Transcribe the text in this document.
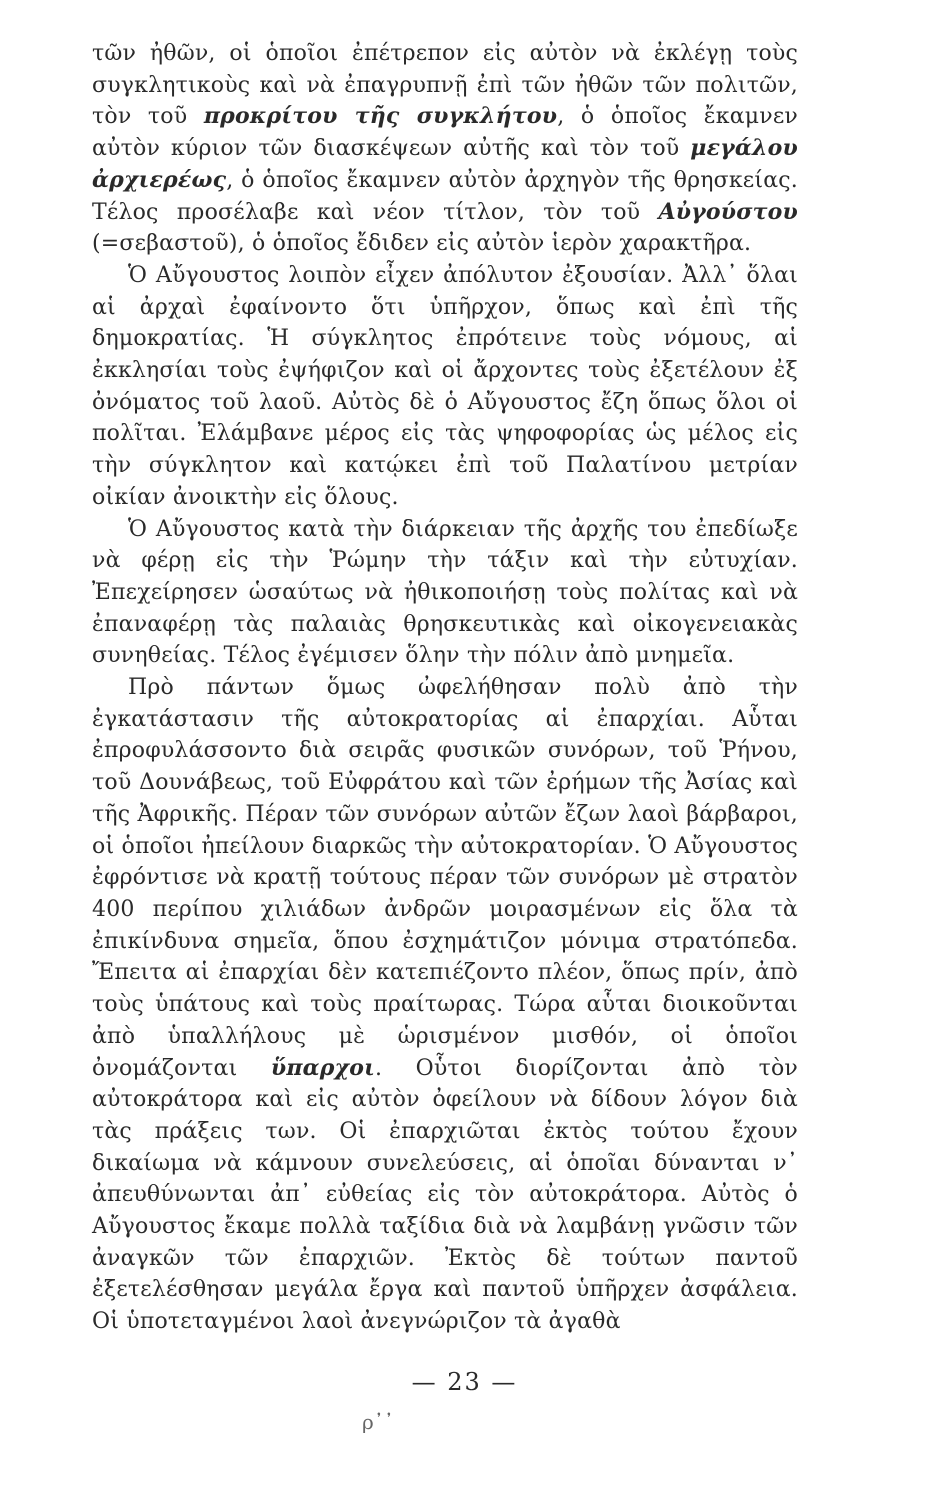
τῶν ἠθῶν, οἱ ὁποῖοι ἐπέτρεπον εἰς αὐτὸν νὰ ἐκλέγῃ τοὺς συγκλητικοὺς καὶ νὰ ἐπαγρυπνῇ ἐπὶ τῶν ἠθῶν τῶν πολιτῶν, τὸν τοῦ προκρίτου τῆς συγκλήτου, ὁ ὁποῖος ἔκαμνεν αὐτὸν κύριον τῶν διασκέψεων αὐτῆς καὶ τὸν τοῦ μεγάλου ἀρχιερέως, ὁ ὁποῖος ἔκαμνεν αὐτὸν ἀρχηγὸν τῆς θρησκείας. Τέλος προσέλαβε καὶ νέον τίτλον, τὸν τοῦ Αὐγούστου (=σεβαστοῦ), ὁ ὁποῖος ἔδιδεν εἰς αὐτὸν ἱερὸν χαρακτῆρα.

Ὁ Αὔγουστος λοιπὸν εἶχεν ἀπόλυτον ἐξουσίαν. Ἀλλ᾽ ὅλαι αἱ ἀρχαὶ ἐφαίνοντο ὅτι ὑπῆρχον, ὅπως καὶ ἐπὶ τῆς δημοκρατίας. Ἡ σύγκλητος ἐπρότεινε τοὺς νόμους, αἱ ἐκκλησίαι τοὺς ἐψήφιζον καὶ οἱ ἄρχοντες τοὺς ἐξετέλουν ἐξ ὀνόματος τοῦ λαοῦ. Αὐτὸς δὲ ὁ Αὔγουστος ἔζη ὅπως ὅλοι οἱ πολῖται. Ἐλάμβανε μέρος εἰς τὰς ψηφοφορίας ὡς μέλος εἰς τὴν σύγκλητον καὶ κατῴκει ἐπὶ τοῦ Παλατίνου μετρίαν οἰκίαν ἀνοικτὴν εἰς ὅλους.

Ὁ Αὔγουστος κατὰ τὴν διάρκειαν τῆς ἀρχῆς του ἐπεδίωξε νὰ φέρῃ εἰς τὴν Ῥώμην τὴν τάξιν καὶ τὴν εὐτυχίαν. Ἐπεχείρησεν ὡσαύτως νὰ ἠθικοποιήσῃ τοὺς πολίτας καὶ νὰ ἐπαναφέρῃ τὰς παλαιὰς θρησκευτικὰς καὶ οἰκογενειακὰς συνηθείας. Τέλος ἐγέμισεν ὅλην τὴν πόλιν ἀπὸ μνημεῖα.

Πρὸ πάντων ὅμως ὠφελήθησαν πολὺ ἀπὸ τὴν ἐγκατάστασιν τῆς αὐτοκρατορίας αἱ ἐπαρχίαι. Αὗται ἐπροφυλάσσοντο διὰ σειρᾶς φυσικῶν συνόρων, τοῦ Ῥήνου, τοῦ Δουνάβεως, τοῦ Εὐφράτου καὶ τῶν ἐρήμων τῆς Ἀσίας καὶ τῆς Ἀφρικῆς. Πέραν τῶν συνόρων αὐτῶν ἔζων λαοὶ βάρβαροι, οἱ ὁποῖοι ἠπείλουν διαρκῶς τὴν αὐτοκρατορίαν. Ὁ Αὔγουστος ἐφρόντισε νὰ κρατῇ τούτους πέραν τῶν συνόρων μὲ στρατὸν 400 περίπου χιλιάδων ἀνδρῶν μοιρασμένων εἰς ὅλα τὰ ἐπικίνδυνα σημεῖα, ὅπου ἐσχημάτιζον μόνιμα στρατόπεδα. Ἔπειτα αἱ ἐπαρχίαι δὲν κατεπιέζοντο πλέον, ὅπως πρίν, ἀπὸ τοὺς ὑπάτους καὶ τοὺς πραίτωρας. Τώρα αὗται διοικοῦνται ἀπὸ ὑπαλλήλους μὲ ὡρισμένον μισθόν, οἱ ὁποῖοι ὀνομάζονται ὕπαρχοι. Οὗτοι διορίζονται ἀπὸ τὸν αὐτοκράτορα καὶ εἰς αὐτὸν ὀφείλουν νὰ δίδουν λόγον διὰ τὰς πράξεις των. Οἱ ἐπαρχιῶται ἐκτὸς τούτου ἔχουν δικαίωμα νὰ κάμνουν συνελεύσεις, αἱ ὁποῖαι δύνανται ν᾽ ἀπευθύνωνται ἀπ᾽ εὐθείας εἰς τὸν αὐτοκράτορα. Αὐτὸς ὁ Αὔγουστος ἔκαμε πολλὰ ταξίδια διὰ νὰ λαμβάνῃ γνῶσιν τῶν ἀναγκῶν τῶν ἐπαρχιῶν. Ἐκτὸς δὲ τούτων παντοῦ ἐξετελέσθησαν μεγάλα ἔργα καὶ παντοῦ ὑπῆρχεν ἀσφάλεια. Οἱ ὑποτεταγμένοι λαοὶ ἀνεγνώριζον τὰ ἀγαθὰ

— 23 —
ρ᾽᾽
